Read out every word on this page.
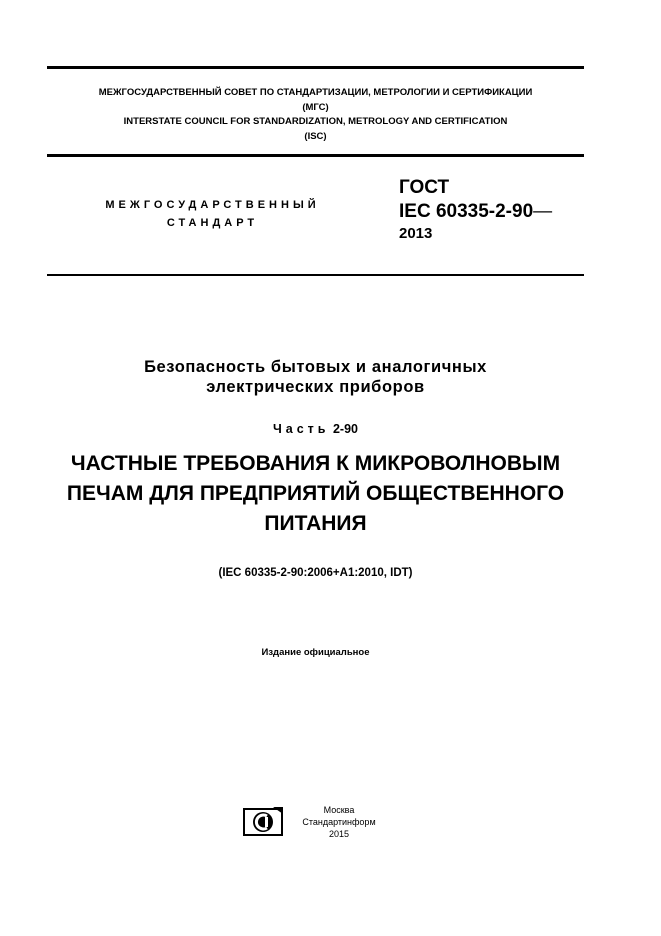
МЕЖГОСУДАРСТВЕННЫЙ СОВЕТ ПО СТАНДАРТИЗАЦИИ, МЕТРОЛОГИИ И СЕРТИФИКАЦИИ
(МГС)
INTERSTATE COUNCIL FOR STANDARDIZATION, METROLOGY AND CERTIFICATION
(ISC)
МЕЖГОСУДАРСТВЕННЫЙ
СТАНДАРТ
ГОСТ
IEC 60335-2-90—
2013
Безопасность бытовых и аналогичных
электрических приборов
Часть 2-90
ЧАСТНЫЕ ТРЕБОВАНИЯ К МИКРОВОЛНОВЫМ
ПЕЧАМ ДЛЯ ПРЕДПРИЯТИЙ ОБЩЕСТВЕННОГО
ПИТАНИЯ
(IEC 60335-2-90:2006+A1:2010, IDT)
Издание официальное
Москва
Стандартинформ
2015
